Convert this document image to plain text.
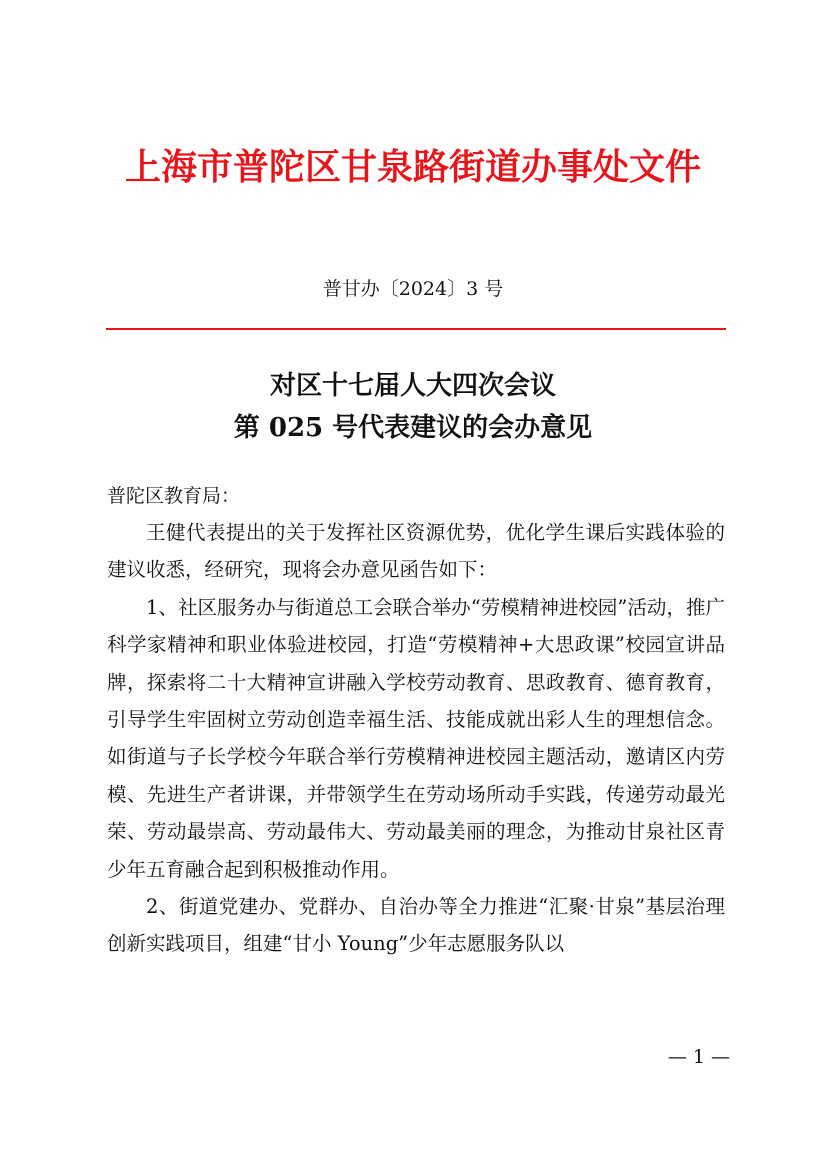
上海市普陀区甘泉路街道办事处文件
普甘办〔2024〕3 号
对区十七届人大四次会议
第 025 号代表建议的会办意见
普陀区教育局：

王健代表提出的关于发挥社区资源优势，优化学生课后实践体验的建议收悉，经研究，现将会办意见函告如下：

1、社区服务办与街道总工会联合举办“劳模精神进校园”活动，推广科学家精神和职业体验进校园，打造“劳模精神+大思政课”校园宣讲品牌，探索将二十大精神宣讲融入学校劳动教育、思政教育、德育教育，引导学生牢固树立劳动创造幸福生活、技能成就出彩人生的理想信念。如街道与子长学校今年联合举行劳模精神进校园主题活动，邀请区内劳模、先进生产者讲课，并带领学生在劳动场所动手实践，传递劳动最光荣、劳动最崇高、劳动最伟大、劳动最美丽的理念，为推动甘泉社区青少年五育融合起到积极推动作用。

2、街道党建办、党群办、自治办等全力推进“汇聚·甘泉”基层治理创新实践项目，组建“甘小 Young”少年志愿服务队以

— 1 —
